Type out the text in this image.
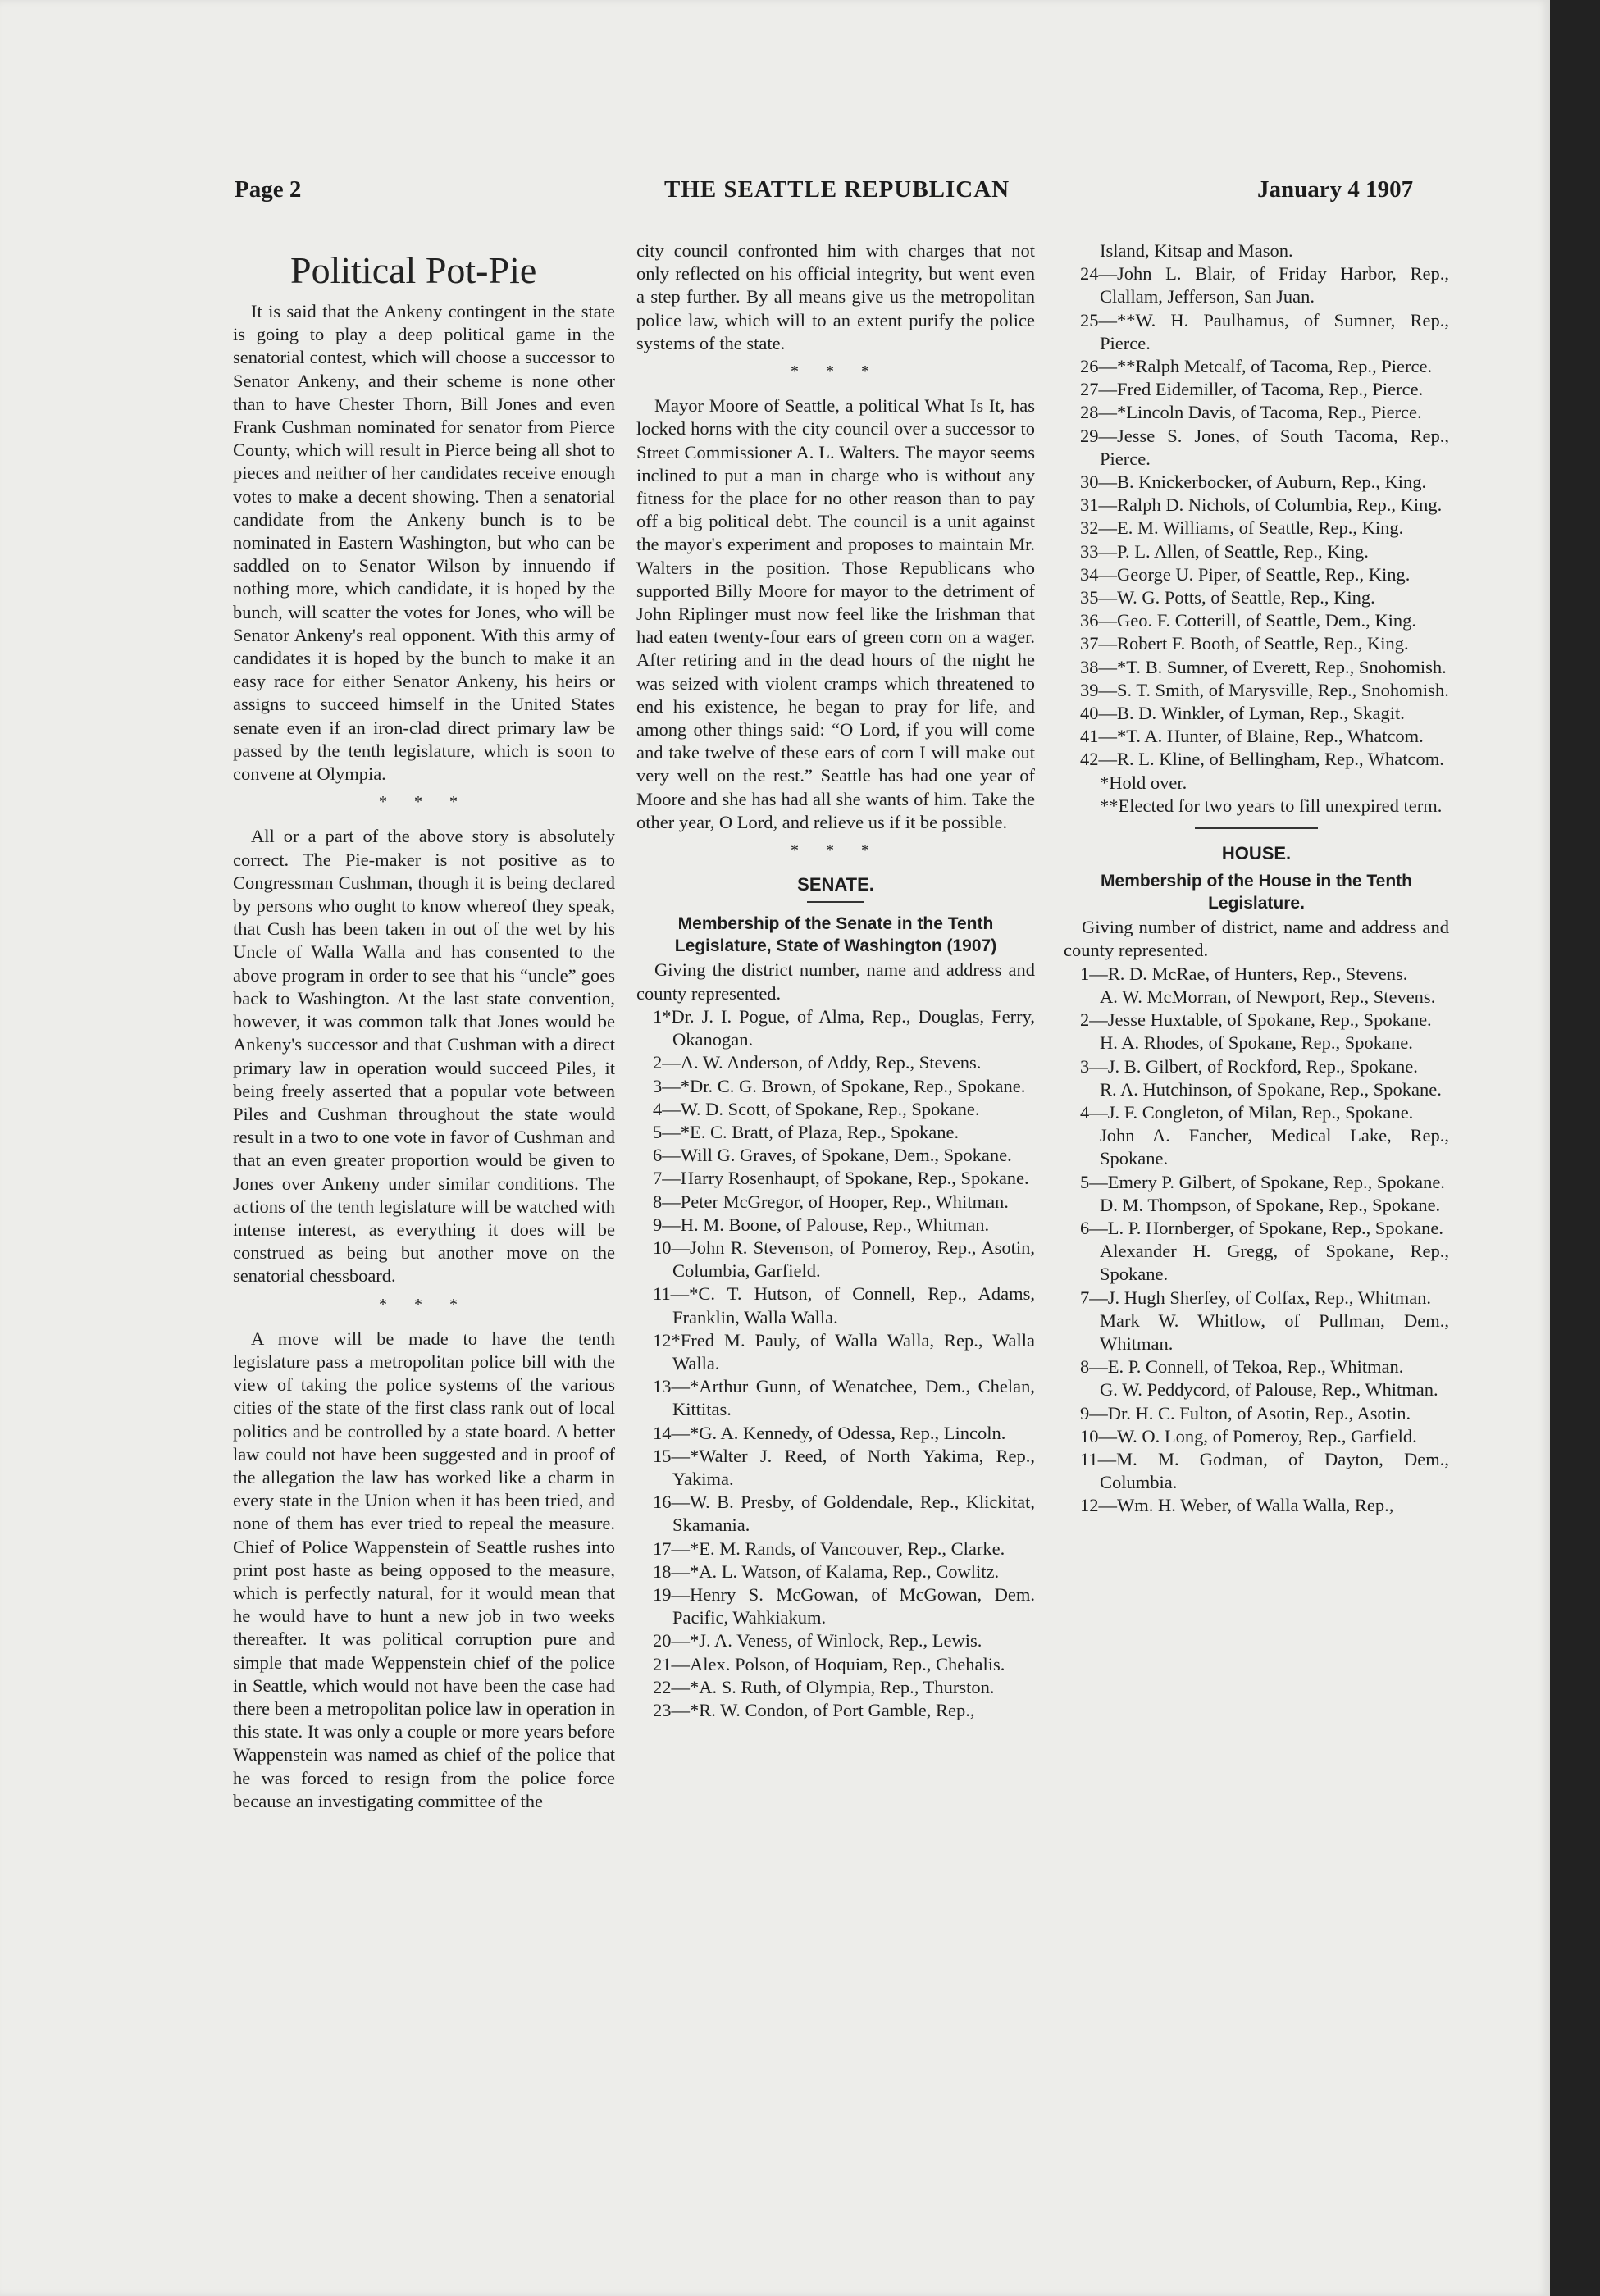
Page 2	THE SEATTLE REPUBLICAN	January 4 1907
Political Pot-Pie

It is said that the Ankeny contingent in the state is going to play a deep political game in the senatorial contest, which will choose a successor to Senator Ankeny, and their scheme is none other than to have Chester Thorn, Bill Jones and even Frank Cushman nominated for senator from Pierce County, which will result in Pierce being all shot to pieces and neither of her candidates receive enough votes to make a decent showing. Then a senatorial candidate from the Ankeny bunch is to be nominated in Eastern Washington, but who can be saddled on to Senator Wilson by innuendo if nothing more, which candidate, it is hoped by the bunch, will scatter the votes for Jones, who will be Senator Ankeny's real opponent. With this army of candidates it is hoped by the bunch to make it an easy race for either Senator Ankeny, his heirs or assigns to succeed himself in the United States senate even if an iron-clad direct primary law be passed by the tenth legislature, which is soon to convene at Olympia.

* * *

All or a part of the above story is absolutely correct. The Pie-maker is not positive as to Congressman Cushman, though it is being declared by persons who ought to know whereof they speak, that Cush has been taken in out of the wet by his Uncle of Walla Walla and has consented to the above program in order to see that his “uncle” goes back to Washington. At the last state convention, however, it was common talk that Jones would be Ankeny's successor and that Cushman with a direct primary law in operation would succeed Piles, it being freely asserted that a popular vote between Piles and Cushman throughout the state would result in a two to one vote in favor of Cushman and that an even greater proportion would be given to Jones over Ankeny under similar conditions. The actions of the tenth legislature will be watched with intense interest, as everything it does will be construed as being but another move on the senatorial chessboard.

* * *

A move will be made to have the tenth legislature pass a metropolitan police bill with the view of taking the police systems of the various cities of the state of the first class rank out of local politics and be controlled by a state board. A better law could not have been suggested and in proof of the allegation the law has worked like a charm in every state in the Union when it has been tried, and none of them has ever tried to repeal the measure. Chief of Police Wappenstein of Seattle rushes into print post haste as being opposed to the measure, which is perfectly natural, for it would mean that he would have to hunt a new job in two weeks thereafter. It was political corruption pure and simple that made Weppenstein chief of the police in Seattle, which would not have been the case had there been a metropolitan police law in operation in this state. It was only a couple or more years before Wappenstein was named as chief of the police that he was forced to resign from the police force because an investigating committee of the

city council confronted him with charges that not only reflected on his official integrity, but went even a step further. By all means give us the metropolitan police law, which will to an extent purify the police systems of the state.

* * *

Mayor Moore of Seattle, a political What Is It, has locked horns with the city council over a successor to Street Commissioner A. L. Walters. The mayor seems inclined to put a man in charge who is without any fitness for the place for no other reason than to pay off a big political debt. The council is a unit against the mayor's experiment and proposes to maintain Mr. Walters in the position. Those Republicans who supported Billy Moore for mayor to the detriment of John Riplinger must now feel like the Irishman that had eaten twenty-four ears of green corn on a wager. After retiring and in the dead hours of the night he was seized with violent cramps which threatened to end his existence, he began to pray for life, and among other things said: “O Lord, if you will come and take twelve of these ears of corn I will make out very well on the rest.” Seattle has had one year of Moore and she has had all she wants of him. Take the other year, O Lord, and relieve us if it be possible.

* * *
SENATE.
Membership of the Senate in the Tenth Legislature, State of Washington (1907)

Giving the district number, name and address and county represented.

1*Dr. J. I. Pogue, of Alma, Rep., Douglas, Ferry, Okanogan.

2—A. W. Anderson, of Addy, Rep., Stevens.

3—*Dr. C. G. Brown, of Spokane, Rep., Spokane.

4—W. D. Scott, of Spokane, Rep., Spokane.

5—*E. C. Bratt, of Plaza, Rep., Spokane.

6—Will G. Graves, of Spokane, Dem., Spokane.

7—Harry Rosenhaupt, of Spokane, Rep., Spokane.

8—Peter McGregor, of Hooper, Rep., Whitman.

9—H. M. Boone, of Palouse, Rep., Whitman.

10—John R. Stevenson, of Pomeroy, Rep., Asotin, Columbia, Garfield.

11—*C. T. Hutson, of Connell, Rep., Adams, Franklin, Walla Walla.

12*Fred M. Pauly, of Walla Walla, Rep., Walla Walla.

13—*Arthur Gunn, of Wenatchee, Dem., Chelan, Kittitas.

14—*G. A. Kennedy, of Odessa, Rep., Lincoln.

15—*Walter J. Reed, of North Yakima, Rep., Yakima.

16—W. B. Presby, of Goldendale, Rep., Klickitat, Skamania.

17—*E. M. Rands, of Vancouver, Rep., Clarke.

18—*A. L. Watson, of Kalama, Rep., Cowlitz.

19—Henry S. McGowan, of McGowan, Dem. Pacific, Wahkiakum.

20—*J. A. Veness, of Winlock, Rep., Lewis.

21—Alex. Polson, of Hoquiam, Rep., Chehalis.

22—*A. S. Ruth, of Olympia, Rep., Thurston.

23—*R. W. Condon, of Port Gamble, Rep.,

Island, Kitsap and Mason.

24—John L. Blair, of Friday Harbor, Rep., Clallam, Jefferson, San Juan.

25—**W. H. Paulhamus, of Sumner, Rep., Pierce.

26—**Ralph Metcalf, of Tacoma, Rep., Pierce.

27—Fred Eidemiller, of Tacoma, Rep., Pierce.

28—*Lincoln Davis, of Tacoma, Rep., Pierce.

29—Jesse S. Jones, of South Tacoma, Rep., Pierce.

30—B. Knickerbocker, of Auburn, Rep., King.

31—Ralph D. Nichols, of Columbia, Rep., King.

32—E. M. Williams, of Seattle, Rep., King.

33—P. L. Allen, of Seattle, Rep., King.

34—George U. Piper, of Seattle, Rep., King.

35—W. G. Potts, of Seattle, Rep., King.

36—Geo. F. Cotterill, of Seattle, Dem., King.

37—Robert F. Booth, of Seattle, Rep., King.

38—*T. B. Sumner, of Everett, Rep., Snohomish.

39—S. T. Smith, of Marysville, Rep., Snohomish.

40—B. D. Winkler, of Lyman, Rep., Skagit.

41—*T. A. Hunter, of Blaine, Rep., Whatcom.

42—R. L. Kline, of Bellingham, Rep., Whatcom.

*Hold over.

**Elected for two years to fill unexpired term.

HOUSE.
Membership of the House in the Tenth Legislature.

Giving number of district, name and address and county represented.

1—R. D. McRae, of Hunters, Rep., Stevens.

A. W. McMorran, of Newport, Rep., Stevens.

2—Jesse Huxtable, of Spokane, Rep., Spokane.

H. A. Rhodes, of Spokane, Rep., Spokane.

3—J. B. Gilbert, of Rockford, Rep., Spokane.

R. A. Hutchinson, of Spokane, Rep., Spokane.

4—J. F. Congleton, of Milan, Rep., Spokane.

John A. Fancher, Medical Lake, Rep., Spokane.

5—Emery P. Gilbert, of Spokane, Rep., Spokane.

D. M. Thompson, of Spokane, Rep., Spokane.

6—L. P. Hornberger, of Spokane, Rep., Spokane.

Alexander H. Gregg, of Spokane, Rep., Spokane.

7—J. Hugh Sherfey, of Colfax, Rep., Whitman.

Mark W. Whitlow, of Pullman, Dem., Whitman.

8—E. P. Connell, of Tekoa, Rep., Whitman.

G. W. Peddycord, of Palouse, Rep., Whitman.

9—Dr. H. C. Fulton, of Asotin, Rep., Asotin.

10—W. O. Long, of Pomeroy, Rep., Garfield.

11—M. M. Godman, of Dayton, Dem., Columbia.

12—Wm. H. Weber, of Walla Walla, Rep.,
